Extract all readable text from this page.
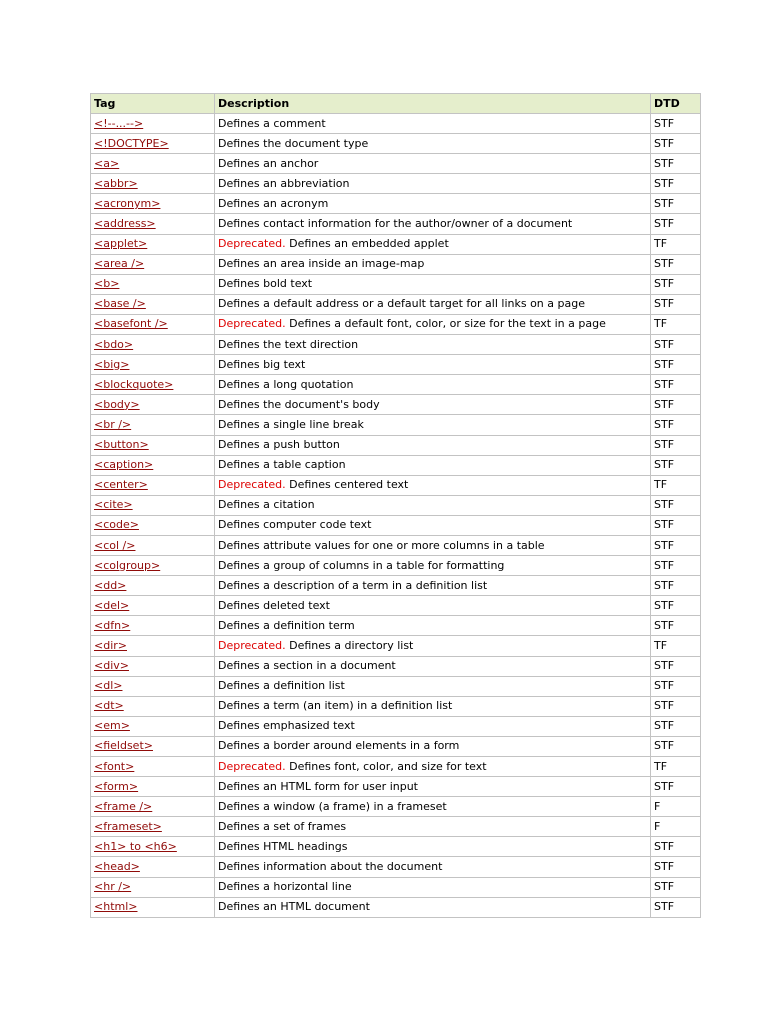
Tag	Description	DTD
<!--...-->	Defines a comment	STF
<!DOCTYPE>	Defines the document type	STF
<a>	Defines an anchor	STF
<abbr>	Defines an abbreviation	STF
<acronym>	Defines an acronym	STF
<address>	Defines contact information for the author/owner of a document	STF
<applet>	Deprecated. Defines an embedded applet	TF
<area />	Defines an area inside an image-map	STF
<b>	Defines bold text	STF
<base />	Defines a default address or a default target for all links on a page	STF
<basefont />	Deprecated. Defines a default font, color, or size for the text in a page	TF
<bdo>	Defines the text direction	STF
<big>	Defines big text	STF
<blockquote>	Defines a long quotation	STF
<body>	Defines the document's body	STF
<br />	Defines a single line break	STF
<button>	Defines a push button	STF
<caption>	Defines a table caption	STF
<center>	Deprecated. Defines centered text	TF
<cite>	Defines a citation	STF
<code>	Defines computer code text	STF
<col />	Defines attribute values for one or more columns in a table	STF
<colgroup>	Defines a group of columns in a table for formatting	STF
<dd>	Defines a description of a term in a definition list	STF
<del>	Defines deleted text	STF
<dfn>	Defines a definition term	STF
<dir>	Deprecated. Defines a directory list	TF
<div>	Defines a section in a document	STF
<dl>	Defines a definition list	STF
<dt>	Defines a term (an item) in a definition list	STF
<em>	Defines emphasized text	STF
<fieldset>	Defines a border around elements in a form	STF
<font>	Deprecated. Defines font, color, and size for text	TF
<form>	Defines an HTML form for user input	STF
<frame />	Defines a window (a frame) in a frameset	F
<frameset>	Defines a set of frames	F
<h1> to <h6>	Defines HTML headings	STF
<head>	Defines information about the document	STF
<hr />	Defines a horizontal line	STF
<html>	Defines an HTML document	STF
